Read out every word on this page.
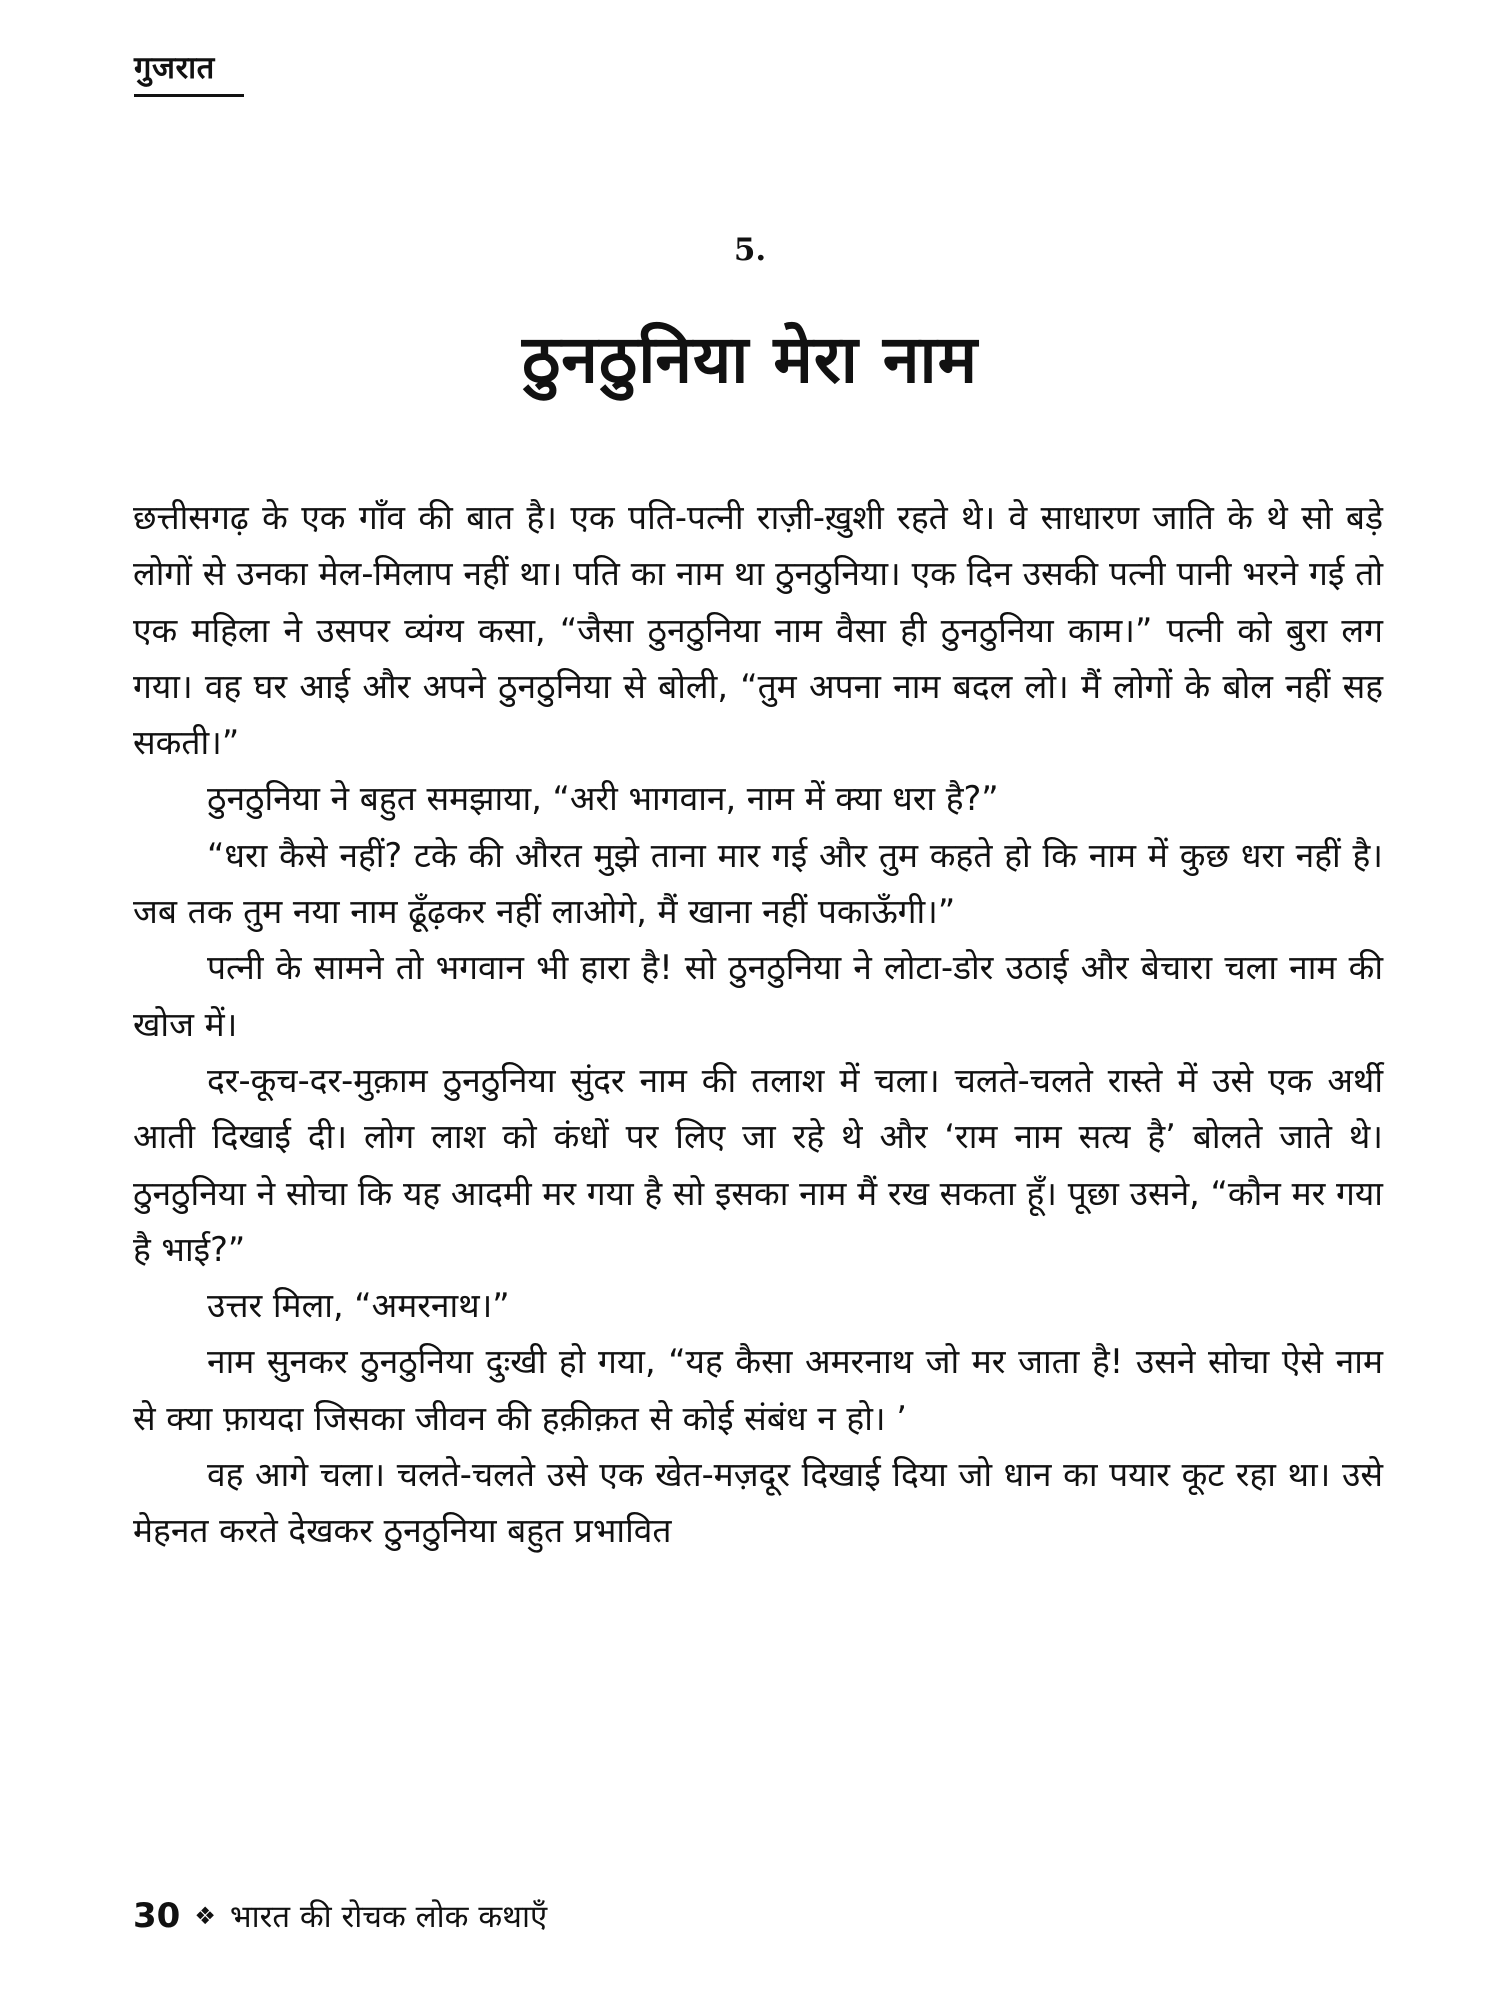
गुजरात
5.
ठुनठुनिया मेरा नाम

छत्तीसगढ़ के एक गाँव की बात है। एक पति-पत्नी राज़ी-ख़ुशी रहते थे। वे साधारण जाति के थे सो बड़े लोगों से उनका मेल-मिलाप नहीं था। पति का नाम था ठुनठुनिया। एक दिन उसकी पत्नी पानी भरने गई तो एक महिला ने उसपर व्यंग्य कसा, “जैसा ठुनठुनिया नाम वैसा ही ठुनठुनिया काम।” पत्नी को बुरा लग गया। वह घर आई और अपने ठुनठुनिया से बोली, “तुम अपना नाम बदल लो। मैं लोगों के बोल नहीं सह सकती।”

ठुनठुनिया ने बहुत समझाया, “अरी भागवान, नाम में क्या धरा है?”

“धरा कैसे नहीं? टके की औरत मुझे ताना मार गई और तुम कहते हो कि नाम में कुछ धरा नहीं है। जब तक तुम नया नाम ढूँढ़कर नहीं लाओगे, मैं खाना नहीं पकाऊँगी।”

पत्नी के सामने तो भगवान भी हारा है! सो ठुनठुनिया ने लोटा-डोर उठाई और बेचारा चला नाम की खोज में।

दर-कूच-दर-मुक़ाम ठुनठुनिया सुंदर नाम की तलाश में चला। चलते-चलते रास्ते में उसे एक अर्थी आती दिखाई दी। लोग लाश को कंधों पर लिए जा रहे थे और ‘राम नाम सत्य है’ बोलते जाते थे। ठुनठुनिया ने सोचा कि यह आदमी मर गया है सो इसका नाम मैं रख सकता हूँ। पूछा उसने, “कौन मर गया है भाई?”

उत्तर मिला, “अमरनाथ।”

नाम सुनकर ठुनठुनिया दुःखी हो गया, “यह कैसा अमरनाथ जो मर जाता है! उसने सोचा ऐसे नाम से क्या फ़ायदा जिसका जीवन की हक़ीक़त से कोई संबंध न हो। ’

वह आगे चला। चलते-चलते उसे एक खेत-मज़दूर दिखाई दिया जो धान का पयार कूट रहा था। उसे मेहनत करते देखकर ठुनठुनिया बहुत प्रभावित

30 ❖ भारत की रोचक लोक कथाएँ
